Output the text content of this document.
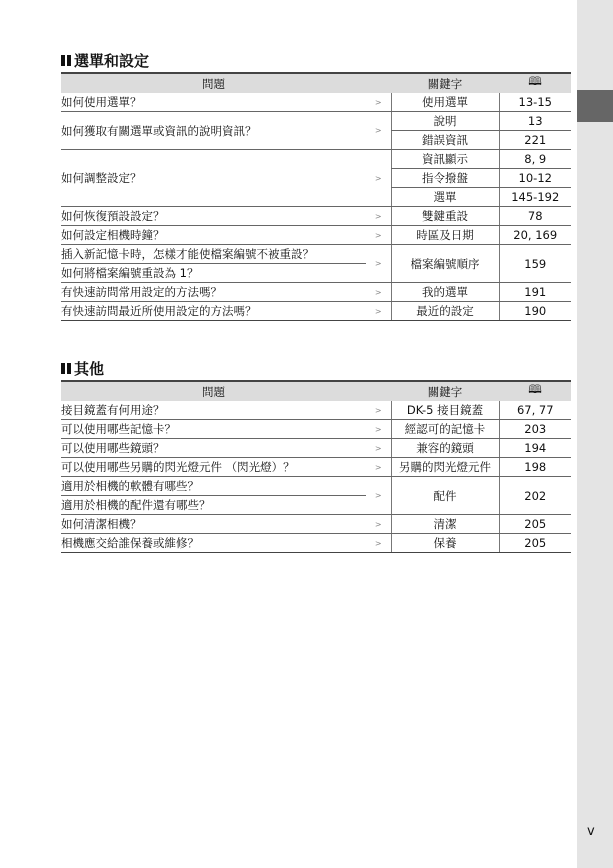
選單和設定
問題		關鍵字	🕮
如何使用選單？	>	使用選單	13-15
如何獲取有關選單或資訊的說明資訊？	>	說明	13
		錯誤資訊	221
如何調整設定？	>	資訊顯示	8, 9
		指令撥盤	10-12
		選單	145-192
如何恢復預設設定？	>	雙鍵重設	78
如何設定相機時鐘？	>	時區及日期	20, 169
插入新記憶卡時，怎樣才能使檔案編號不被重設？	>	檔案編號順序	159
如何將檔案編號重設為 1？			
有快速訪問常用設定的方法嗎？	>	我的選單	191
有快速訪問最近所使用設定的方法嗎？	>	最近的設定	190
其他
問題		關鍵字	🕮
接目鏡蓋有何用途？	>	DK-5 接目鏡蓋	67, 77
可以使用哪些記憶卡？	>	經認可的記憶卡	203
可以使用哪些鏡頭？	>	兼容的鏡頭	194
可以使用哪些另購的閃光燈元件 （閃光燈）？	>	另購的閃光燈元件	198
適用於相機的軟體有哪些？	>	配件	202
適用於相機的配件還有哪些？			
如何清潔相機？	>	清潔	205
相機應交給誰保養或維修？	>	保養	205
v
